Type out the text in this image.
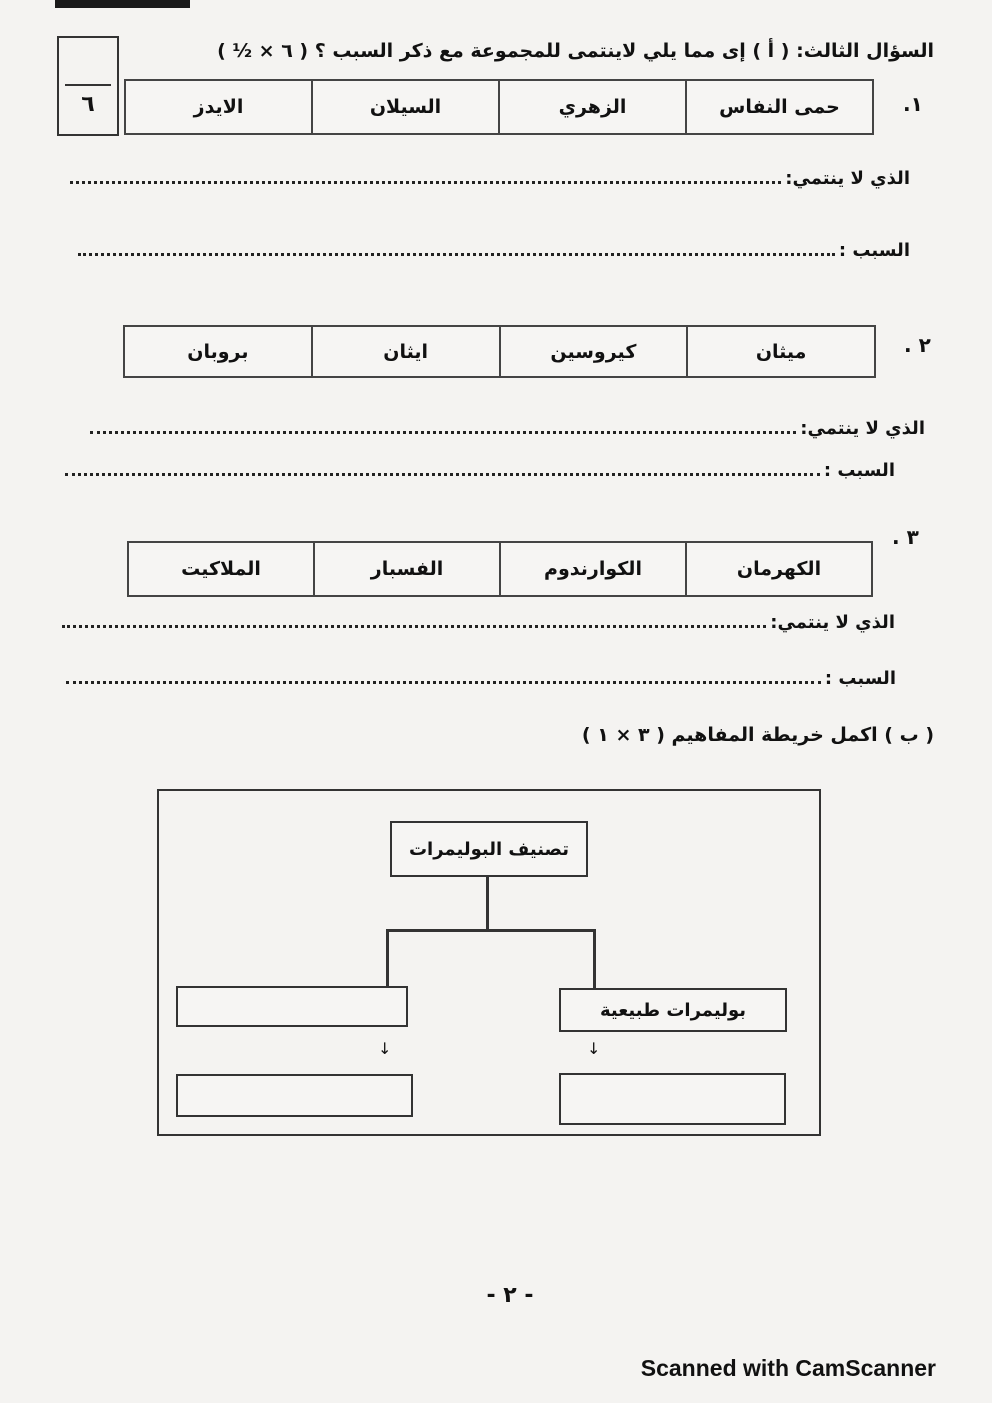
السؤال الثالث: ( أ ) إى مما يلي لاينتمى للمجموعة مع ذكر السبب ؟ ( ٦ × ½ )
٦	١.
حمى النفاس
الزهري
السيلان
الايدز
الذي لا ينتمي:
السبب :
٢ .
ميثان
كيروسين
ايثان
بروبان
الذي لا ينتمي:
السبب :
٣ .
الكهرمان
الكوارندوم
الفسبار
الملاكيت
الذي لا ينتمي:
السبب :
( ب ) اكمل خريطة المفاهيم ( ٣ × ١ )
تصنيف البوليمرات
بوليمرات طبيعية
↓
↓
- ٢ -
Scanned with CamScanner
